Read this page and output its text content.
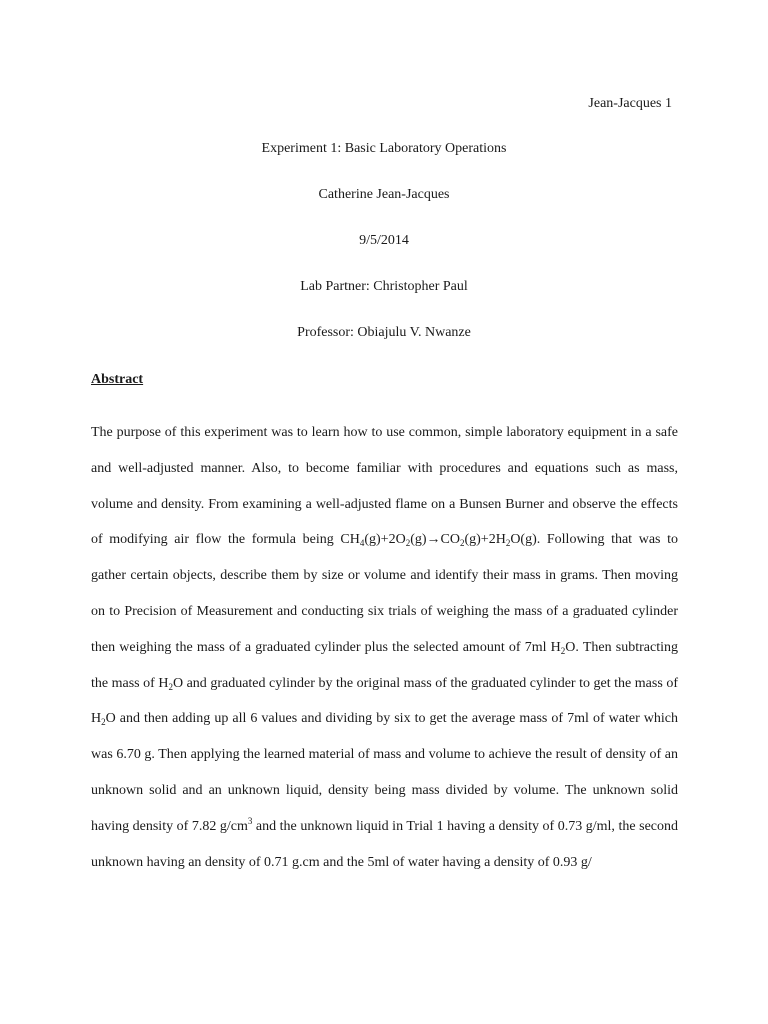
Jean-Jacques 1
Experiment 1: Basic Laboratory Operations
Catherine Jean-Jacques
9/5/2014
Lab Partner: Christopher Paul
Professor: Obiajulu V. Nwanze
Abstract
The purpose of this experiment was to learn how to use common, simple laboratory equipment in a safe and well-adjusted manner. Also, to become familiar with procedures and equations such as mass, volume and density. From examining a well-adjusted flame on a Bunsen Burner and observe the effects of modifying air flow the formula being $CH_4(g)+2O_2(g)\to CO_2(g)+2H_2O(g)$. Following that was to gather certain objects, describe them by size or volume and identify their mass in grams. Then moving on to Precision of Measurement and conducting six trials of weighing the mass of a graduated cylinder then weighing the mass of a graduated cylinder plus the selected amount of 7ml $H_2O$. Then subtracting the mass of $H_2O$ and graduated cylinder by the original mass of the graduated cylinder to get the mass of $H_2O$ and then adding up all 6 values and dividing by six to get the average mass of 7ml of water which was 6.70 g. Then applying the learned material of mass and volume to achieve the result of density of an unknown solid and an unknown liquid, density being mass divided by volume. The unknown solid having density of 7.82 $g/cm^3$ and the unknown liquid in Trial 1 having a density of 0.73 g/ml, the second unknown having an density of 0.71 g.cm and the 5ml of water having a density of 0.93 g/
